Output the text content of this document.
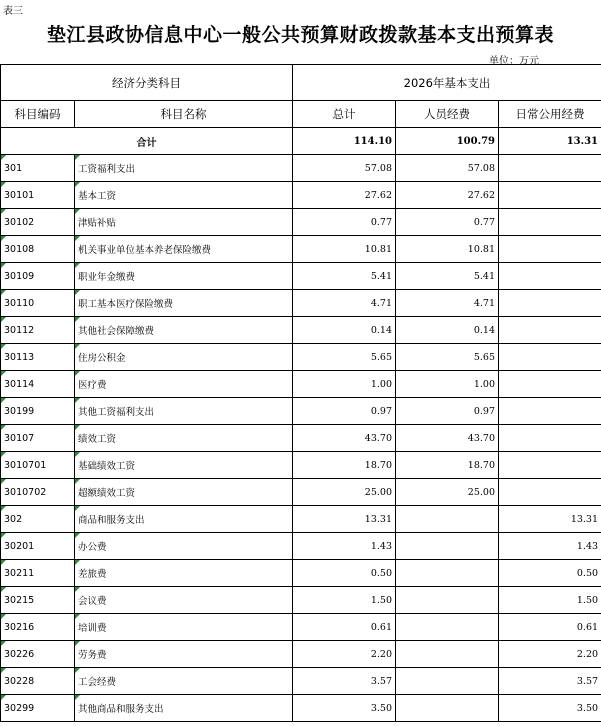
表三
垫江县政协信息中心一般公共预算财政拨款基本支出预算表
单位：万元
经济分类科目		2026年基本支出		
科目编码	科目名称	总计	人员经费	日常公用经费
合计		114.10	100.79	13.31

301	工资福利支出	57.08	57.08	

30101	基本工资	27.62	27.62	

30102	津贴补贴	0.77	0.77	

30108	机关事业单位基本养老保险缴费	10.81	10.81	

30109	职业年金缴费	5.41	5.41	

30110	职工基本医疗保险缴费	4.71	4.71	

30112	其他社会保障缴费	0.14	0.14	

30113	住房公积金	5.65	5.65	

30114	医疗费	1.00	1.00	

30199	其他工资福利支出	0.97	0.97	

30107	绩效工资	43.70	43.70	

3010701	基础绩效工资	18.70	18.70	

3010702	超额绩效工资	25.00	25.00	

302	商品和服务支出	13.31		13.31

30201	办公费	1.43		1.43

30211	差旅费	0.50		0.50

30215	会议费	1.50		1.50

30216	培训费	0.61		0.61

30226	劳务费	2.20		2.20

30228	工会经费	3.57		3.57

30299	其他商品和服务支出	3.50		3.50
